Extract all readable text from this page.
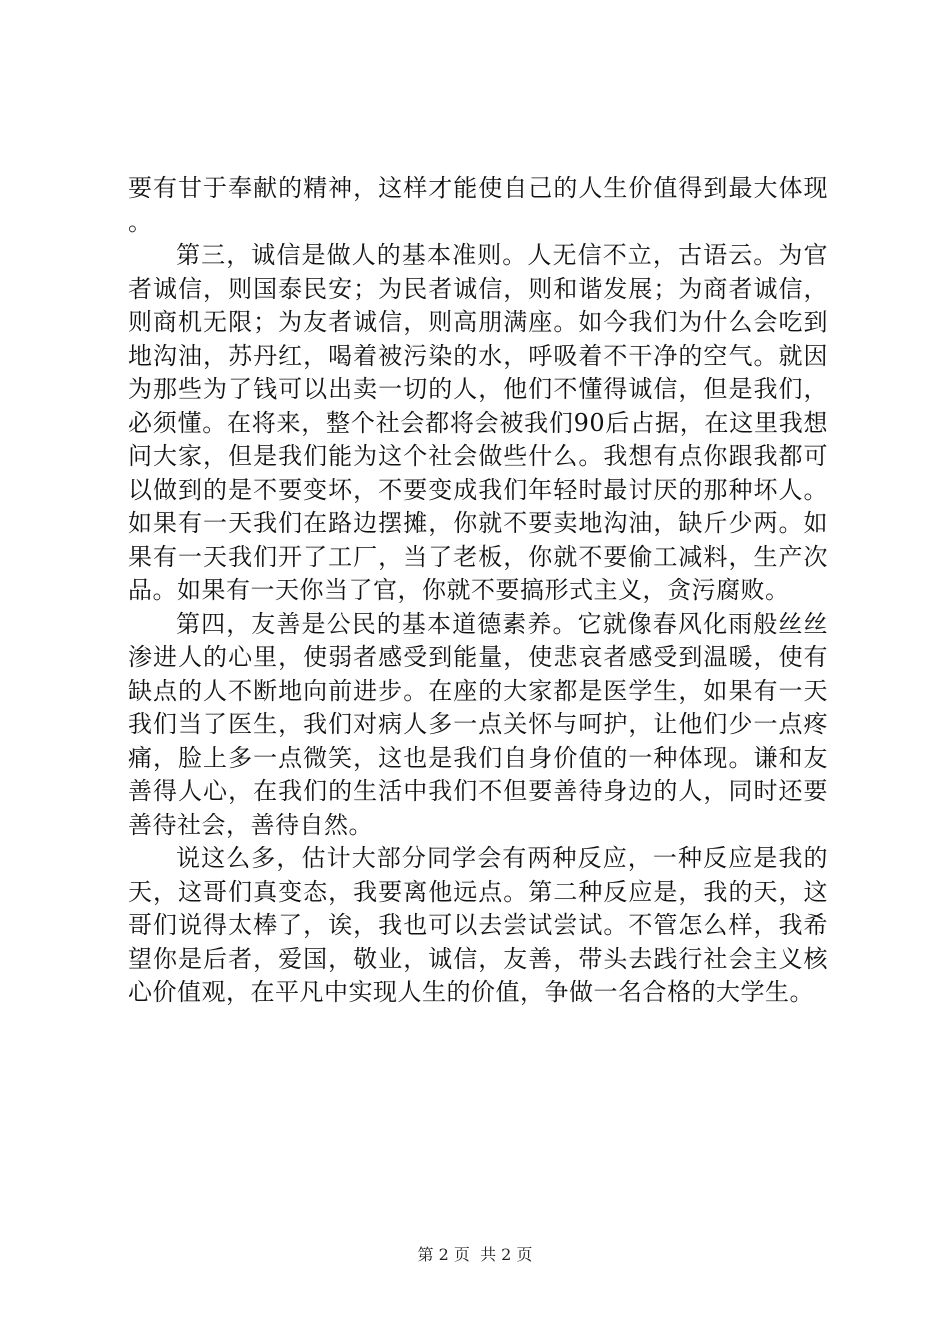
要有甘于奉献的精神，这样才能使自己的人生价值得到最大体现。

第三，诚信是做人的基本准则。人无信不立，古语云。为官者诚信，则国泰民安；为民者诚信，则和谐发展；为商者诚信，则商机无限；为友者诚信，则高朋满座。如今我们为什么会吃到地沟油，苏丹红，喝着被污染的水，呼吸着不干净的空气。就因为那些为了钱可以出卖一切的人，他们不懂得诚信，但是我们，必须懂。在将来，整个社会都将会被我们90后占据，在这里我想问大家，但是我们能为这个社会做些什么。我想有点你跟我都可以做到的是不要变坏，不要变成我们年轻时最讨厌的那种坏人。如果有一天我们在路边摆摊，你就不要卖地沟油，缺斤少两。如果有一天我们开了工厂，当了老板，你就不要偷工减料，生产次品。如果有一天你当了官，你就不要搞形式主义，贪污腐败。

第四，友善是公民的基本道德素养。它就像春风化雨般丝丝渗进人的心里，使弱者感受到能量，使悲哀者感受到温暖，使有缺点的人不断地向前进步。在座的大家都是医学生，如果有一天我们当了医生，我们对病人多一点关怀与呵护，让他们少一点疼痛，脸上多一点微笑，这也是我们自身价值的一种体现。谦和友善得人心，在我们的生活中我们不但要善待身边的人，同时还要善待社会，善待自然。

说这么多，估计大部分同学会有两种反应，一种反应是我的天，这哥们真变态，我要离他远点。第二种反应是，我的天，这哥们说得太棒了，诶，我也可以去尝试尝试。不管怎么样，我希望你是后者，爱国，敬业，诚信，友善，带头去践行社会主义核心价值观，在平凡中实现人生的价值，争做一名合格的大学生。

第 2 页  共 2 页
